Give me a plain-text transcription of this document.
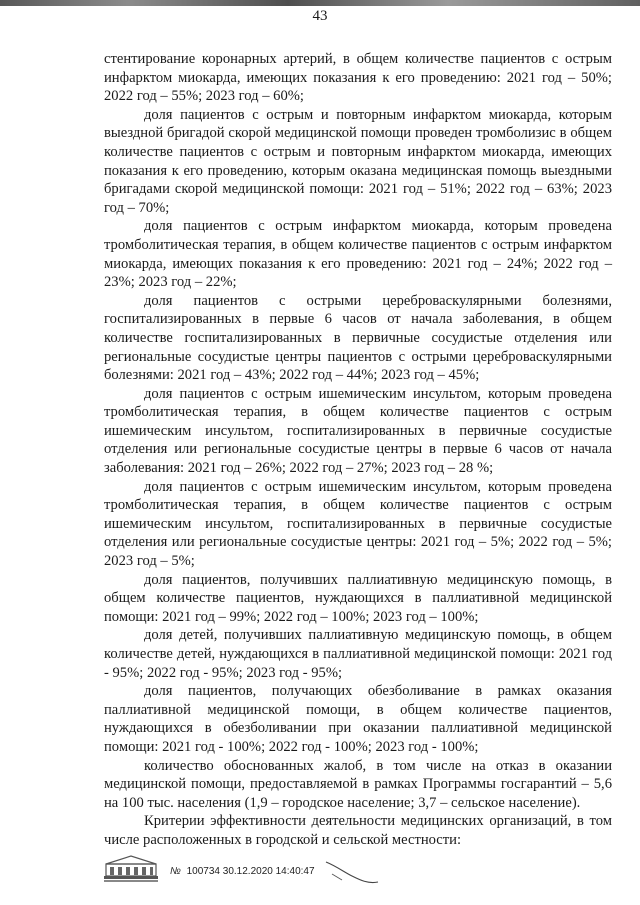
43

стентирование коронарных артерий, в общем количестве пациентов с острым инфарктом миокарда, имеющих показания к его проведению: 2021 год – 50%; 2022 год – 55%; 2023 год – 60%;

доля пациентов с острым и повторным инфарктом миокарда, которым выездной бригадой скорой медицинской помощи проведен тромболизис в общем количестве пациентов с острым и повторным инфарктом миокарда, имеющих показания к его проведению, которым оказана медицинская помощь выездными бригадами скорой медицинской помощи: 2021 год – 51%; 2022 год – 63%; 2023 год – 70%;

доля пациентов с острым инфарктом миокарда, которым проведена тромболитическая терапия, в общем количестве пациентов с острым инфарктом миокарда, имеющих показания к его проведению: 2021 год – 24%; 2022 год – 23%; 2023 год – 22%;

доля пациентов с острыми цереброваскулярными болезнями, госпитализированных в первые 6 часов от начала заболевания, в общем количестве госпитализированных в первичные сосудистые отделения или региональные сосудистые центры пациентов с острыми цереброваскулярными болезнями: 2021 год – 43%; 2022 год – 44%; 2023 год – 45%;

доля пациентов с острым ишемическим инсультом, которым проведена тромболитическая терапия, в общем количестве пациентов с острым ишемическим инсультом, госпитализированных в первичные сосудистые отделения или региональные сосудистые центры в первые 6 часов от начала заболевания: 2021 год – 26%; 2022 год – 27%; 2023 год – 28 %;

доля пациентов с острым ишемическим инсультом, которым проведена тромболитическая терапия, в общем количестве пациентов с острым ишемическим инсультом, госпитализированных в первичные сосудистые отделения или региональные сосудистые центры: 2021 год – 5%; 2022 год – 5%; 2023 год – 5%;

доля пациентов, получивших паллиативную медицинскую помощь, в общем количестве пациентов, нуждающихся в паллиативной медицинской помощи: 2021 год – 99%; 2022 год – 100%; 2023 год – 100%;

доля детей, получивших паллиативную медицинскую помощь, в общем количестве детей, нуждающихся в паллиативной медицинской помощи: 2021 год - 95%; 2022 год - 95%; 2023 год - 95%;

доля пациентов, получающих обезболивание в рамках оказания паллиативной медицинской помощи, в общем количестве пациентов, нуждающихся в обезболивании при оказании паллиативной медицинской помощи: 2021 год - 100%; 2022 год - 100%; 2023 год - 100%;

количество обоснованных жалоб, в том числе на отказ в оказании медицинской помощи, предоставляемой в рамках Программы госгарантий – 5,6 на 100 тыс. населения (1,9 – городское население; 3,7 – сельское население).

Критерии эффективности деятельности медицинских организаций, в том числе расположенных в городской и сельской местности:

№ 100734 30.12.2020 14:40:47
